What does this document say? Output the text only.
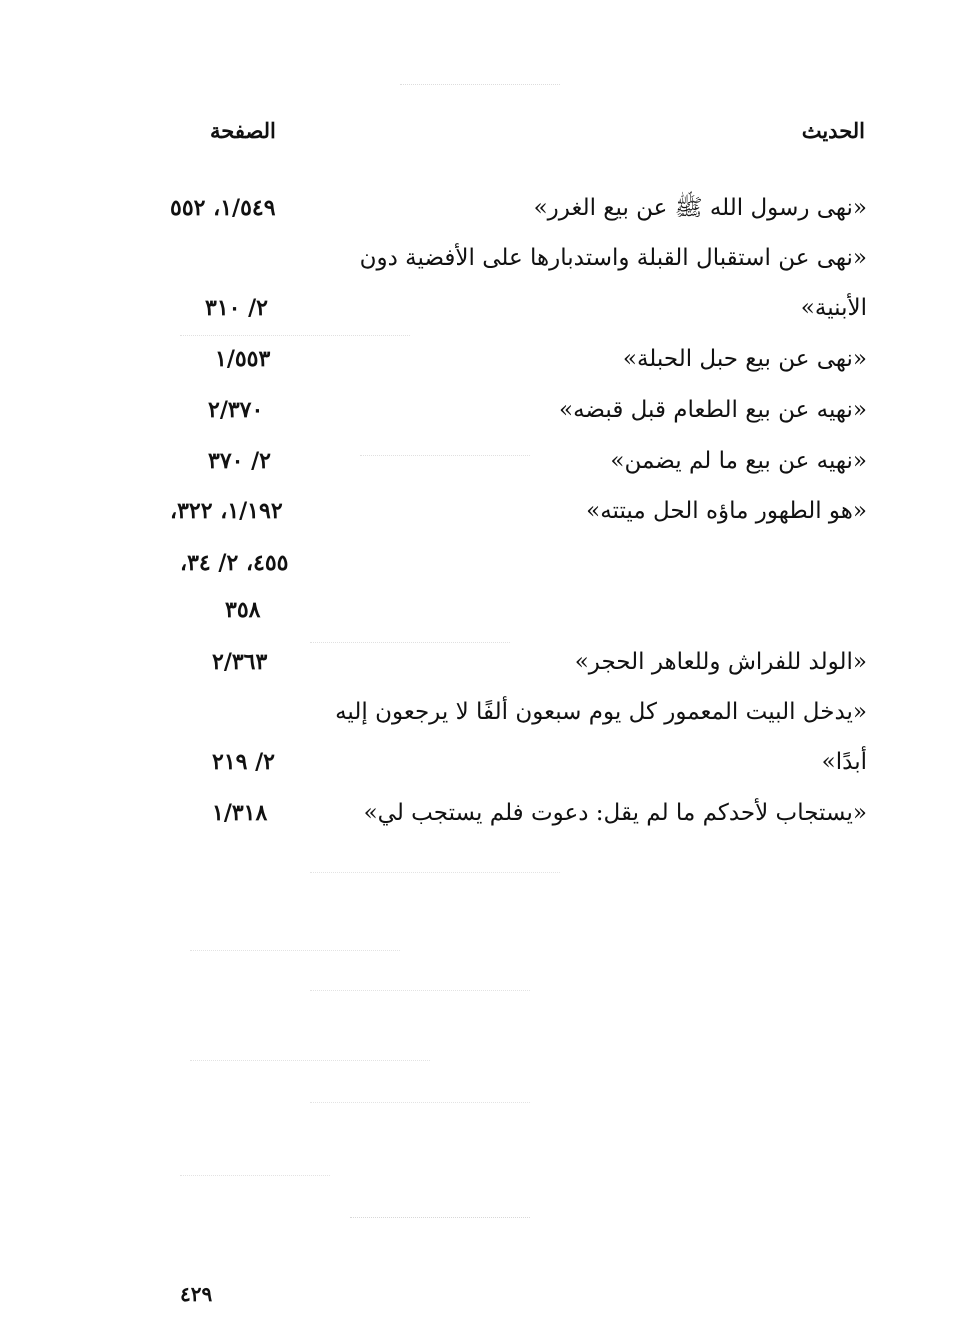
الحديث
الصفحة
«نهى رسول الله ﷺ عن بيع الغرر»
١/٥٤٩، ٥٥٢
«نهى عن استقبال القبلة واستدبارها على الأفضية دون
الأبنية»
٢/ ٣١٠
«نهى عن بيع حبل الحبلة»
١/٥٥٣
«نهيه عن بيع الطعام قبل قبضه»
٢/٣٧٠
«نهيه عن بيع ما لم يضمن»
٢/ ٣٧٠
«هو الطهور ماؤه الحل ميتته»
١/١٩٢، ٣٢٢،
٤٥٥، ٢/ ٣٤،
٣٥٨
«الولد للفراش وللعاهر الحجر»
٢/٣٦٣
«يدخل البيت المعمور كل يوم سبعون ألفًا لا يرجعون إليه
أبدًا»
٢/ ٢١٩
«يستجاب لأحدكم ما لم يقل: دعوت فلم يستجب لي»
١/٣١٨
٤٢٩
